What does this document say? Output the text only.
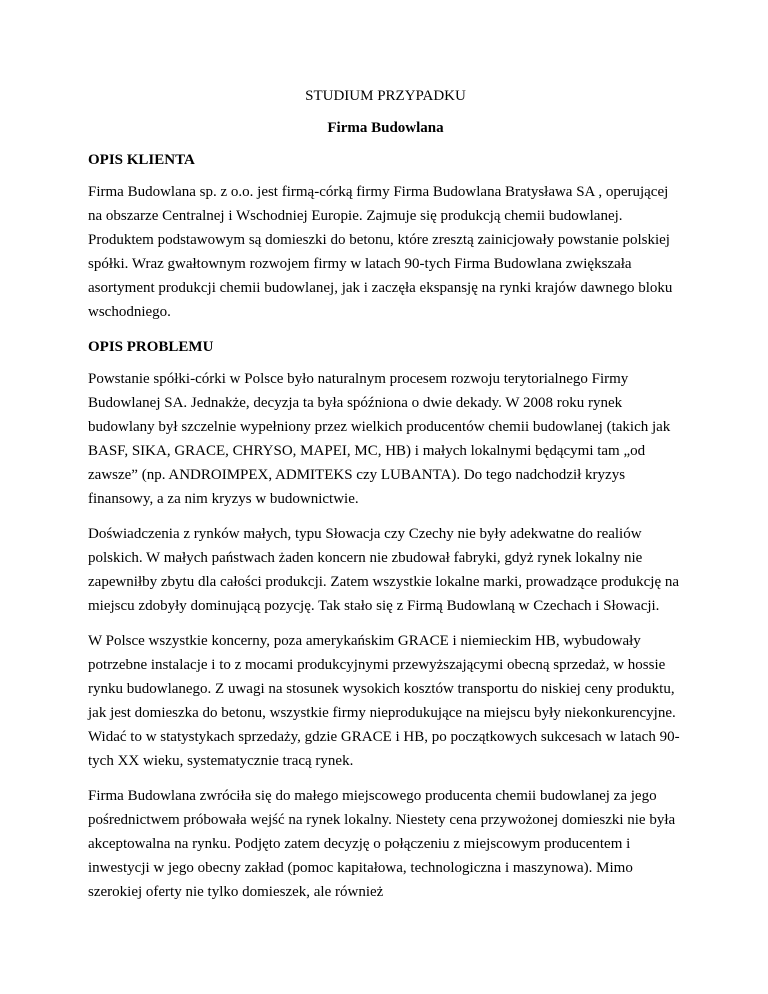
STUDIUM PRZYPADKU

Firma Budowlana

OPIS KLIENTA

Firma Budowlana sp. z o.o. jest firmą-córką firmy Firma Budowlana Bratysława SA , operującej na obszarze Centralnej i Wschodniej Europie. Zajmuje się produkcją chemii budowlanej. Produktem podstawowym są domieszki do betonu, które zresztą zainicjowały powstanie polskiej spółki. Wraz gwałtownym rozwojem firmy w latach 90-tych Firma Budowlana zwiększała asortyment produkcji chemii budowlanej, jak i zaczęła ekspansję na rynki krajów dawnego bloku wschodniego.

OPIS PROBLEMU

Powstanie spółki-córki w Polsce było naturalnym procesem rozwoju terytorialnego Firmy Budowlanej SA. Jednakże, decyzja ta była spóźniona o dwie dekady. W 2008 roku rynek budowlany był szczelnie wypełniony przez wielkich producentów chemii budowlanej (takich jak BASF, SIKA, GRACE, CHRYSO, MAPEI, MC, HB) i małych lokalnymi będącymi tam „od zawsze” (np. ANDROIMPEX, ADMITEKS czy LUBANTA). Do tego nadchodził kryzys finansowy, a za nim kryzys w budownictwie.

Doświadczenia z rynków małych, typu Słowacja czy Czechy nie były adekwatne do realiów polskich. W małych państwach żaden koncern nie zbudował fabryki, gdyż rynek lokalny nie zapewniłby zbytu dla całości produkcji. Zatem wszystkie lokalne marki, prowadzące produkcję na miejscu zdobyły dominującą pozycję. Tak stało się z Firmą Budowlaną w Czechach i Słowacji.

W Polsce wszystkie koncerny, poza amerykańskim GRACE i niemieckim HB, wybudowały potrzebne instalacje i to z mocami produkcyjnymi przewyższającymi obecną sprzedaż, w hossie rynku budowlanego. Z uwagi na stosunek wysokich kosztów transportu do niskiej ceny produktu, jak jest domieszka do betonu, wszystkie firmy nieprodukujące na miejscu były niekonkurencyjne. Widać to w statystykach sprzedaży, gdzie GRACE i HB, po początkowych sukcesach w latach 90-tych XX wieku, systematycznie tracą rynek.

Firma Budowlana zwróciła się do małego miejscowego producenta chemii budowlanej za jego pośrednictwem próbowała wejść na rynek lokalny. Niestety cena przywożonej domieszki nie była akceptowalna na rynku. Podjęto zatem decyzję o połączeniu z miejscowym producentem i inwestycji w jego obecny zakład (pomoc kapitałowa, technologiczna i maszynowa). Mimo szerokiej oferty nie tylko domieszek, ale również
